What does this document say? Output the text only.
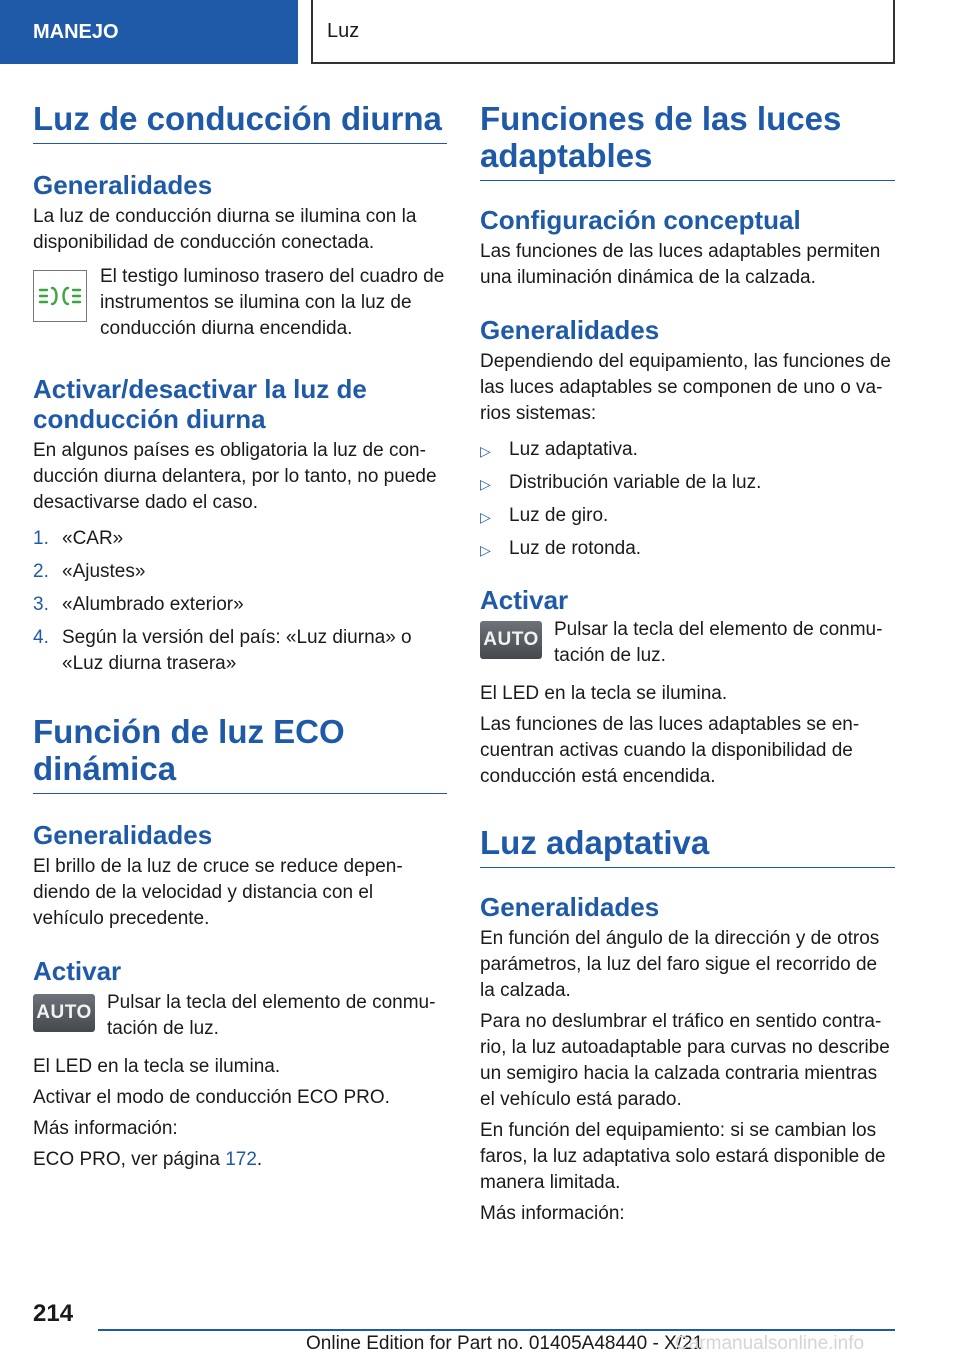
MANEJO	Luz
Luz de conducción diurna
Generalidades

La luz de conducción diurna se ilumina con la disponibilidad de conducción conectada.

El testigo luminoso trasero del cuadro de instrumentos se ilumina con la luz de conducción diurna encendida.

Activar/desactivar la luz de conducción diurna

En algunos países es obligatoria la luz de conducción diurna delantera, por lo tanto, no puede desactivarse dado el caso.

1. «CAR»
2. «Ajustes»
3. «Alumbrado exterior»
4. Según la versión del país: «Luz diurna» o «Luz diurna trasera»
Función de luz ECO dinámica
Generalidades

El brillo de la luz de cruce se reduce dependiendo de la velocidad y distancia con el vehículo precedente.

Activar
AUTO Pulsar la tecla del elemento de conmutación de luz.

El LED en la tecla se ilumina.

Activar el modo de conducción ECO PRO.

Más información:

ECO PRO, ver página 172.

Funciones de las luces adaptables
Configuración conceptual

Las funciones de las luces adaptables permiten una iluminación dinámica de la calzada.

Generalidades

Dependiendo del equipamiento, las funciones de las luces adaptables se componen de uno o varios sistemas:

▷ Luz adaptativa.
▷ Distribución variable de la luz.
▷ Luz de giro.
▷ Luz de rotonda.
Activar
AUTO Pulsar la tecla del elemento de conmutación de luz.

El LED en la tecla se ilumina.

Las funciones de las luces adaptables se encuentran activas cuando la disponibilidad de conducción está encendida.

Luz adaptativa
Generalidades

En función del ángulo de la dirección y de otros parámetros, la luz del faro sigue el recorrido de la calzada.

Para no deslumbrar el tráfico en sentido contrario, la luz autoadaptable para curvas no describe un semigiro hacia la calzada contraria mientras el vehículo está parado.

En función del equipamiento: si se cambian los faros, la luz adaptativa solo estará disponible de manera limitada.

Más información:

214
Online Edition for Part no. 01405A48440 - X/21
Carmanualsonline.info
